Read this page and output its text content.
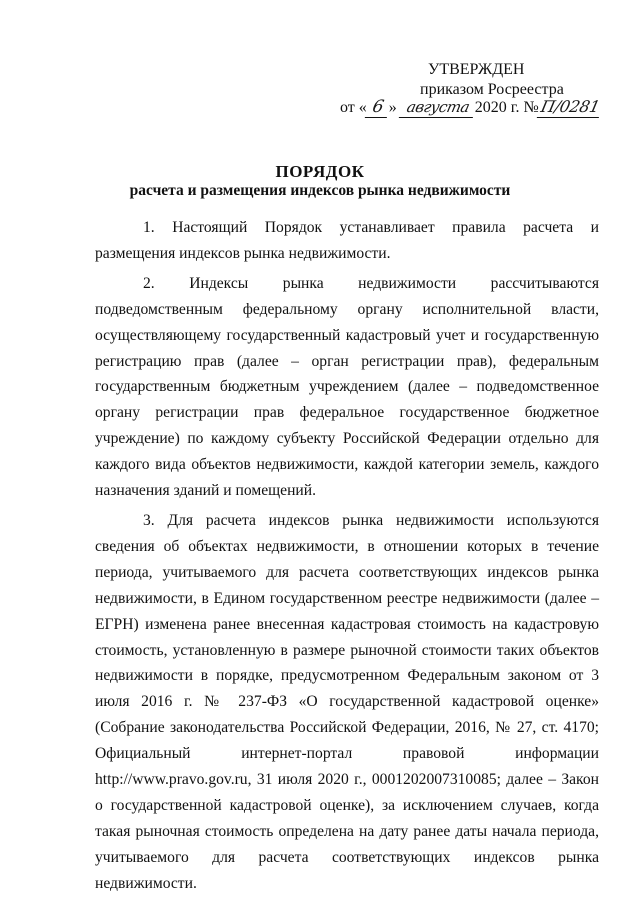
УТВЕРЖДЕН
приказом Росреестра
от « 6 » августа 2020 г. №П/0281
ПОРЯДОК
расчета и размещения индексов рынка недвижимости

1. Настоящий Порядок устанавливает правила расчета и размещения индексов рынка недвижимости.

2. Индексы рынка недвижимости рассчитываются подведомственным федеральному органу исполнительной власти, осуществляющему государственный кадастровый учет и государственную регистрацию прав (далее – орган регистрации прав), федеральным государственным бюджетным учреждением (далее – подведомственное органу регистрации прав федеральное государственное бюджетное учреждение) по каждому субъекту Российской Федерации отдельно для каждого вида объектов недвижимости, каждой категории земель, каждого назначения зданий и помещений.

3. Для расчета индексов рынка недвижимости используются сведения об объектах недвижимости, в отношении которых в течение периода, учитываемого для расчета соответствующих индексов рынка недвижимости, в Едином государственном реестре недвижимости (далее – ЕГРН) изменена ранее внесенная кадастровая стоимость на кадастровую стоимость, установленную в размере рыночной стоимости таких объектов недвижимости в порядке, предусмотренном Федеральным законом от 3 июля 2016 г. № 237-ФЗ «О государственной кадастровой оценке» (Собрание законодательства Российской Федерации, 2016, № 27, ст. 4170; Официальный интернет-портал правовой информации http://www.pravo.gov.ru, 31 июля 2020 г., 0001202007310085; далее – Закон о государственной кадастровой оценке), за исключением случаев, когда такая рыночная стоимость определена на дату ранее даты начала периода, учитываемого для расчета соответствующих индексов рынка недвижимости.
